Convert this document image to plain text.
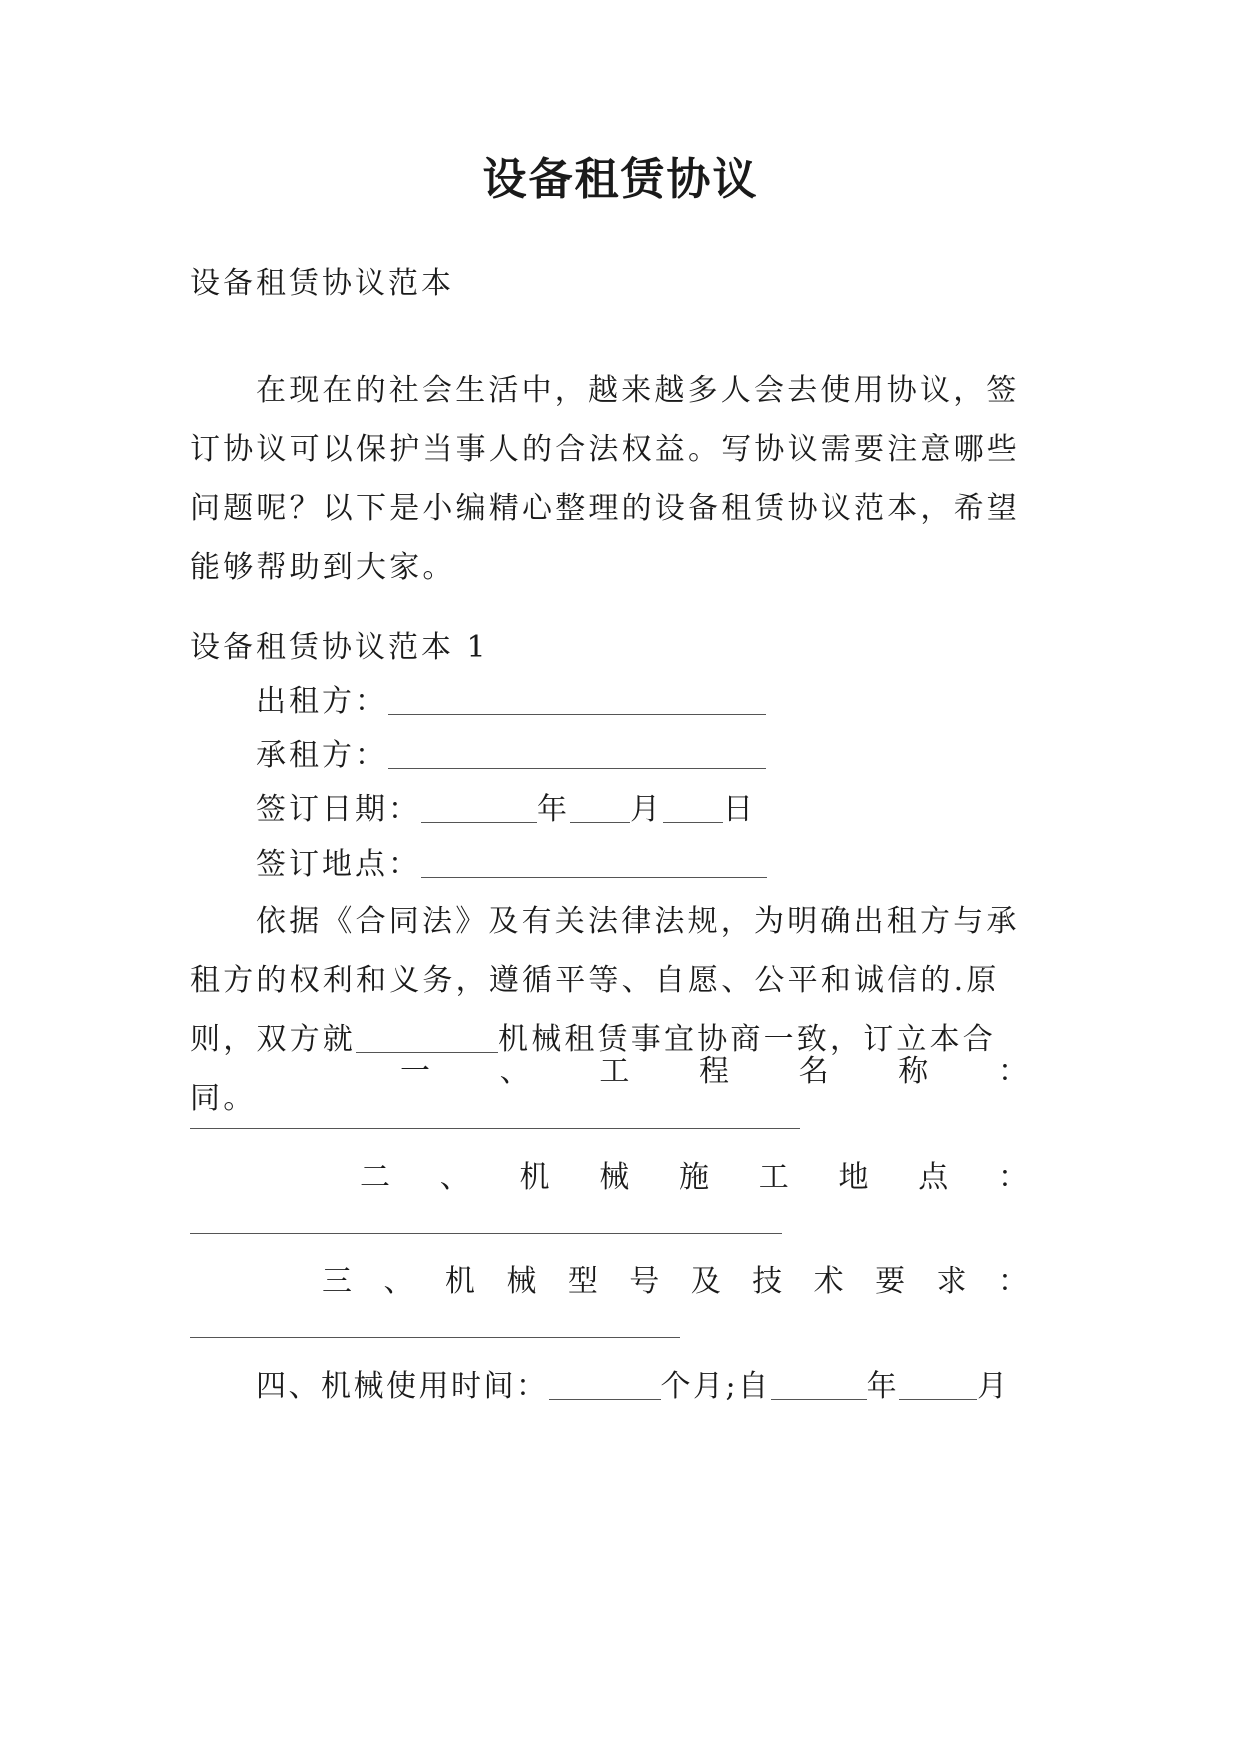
设备租赁协议
设备租赁协议范本

在现在的社会生活中，越来越多人会去使用协议，签订协议可以保护当事人的合法权益。写协议需要注意哪些问题呢？以下是小编精心整理的设备租赁协议范本，希望能够帮助到大家。

设备租赁协议范本 1
出租方：
承租方：
签订日期：	年 月 日
签订地点：

依据《合同法》及有关法律法规，为明确出租方与承租方的权利和义务，遵循平等、自愿、公平和诚信的.原则，双方就	机械租赁事宜协商一致，订立本合同。

一 、 工 程 名 称 ：
二 、 机 械 施 工 地 点 ：
三 、 机 械 型 号 及 技 术 要 求 ：
四、机械使用时间：	个月;自	年	月
